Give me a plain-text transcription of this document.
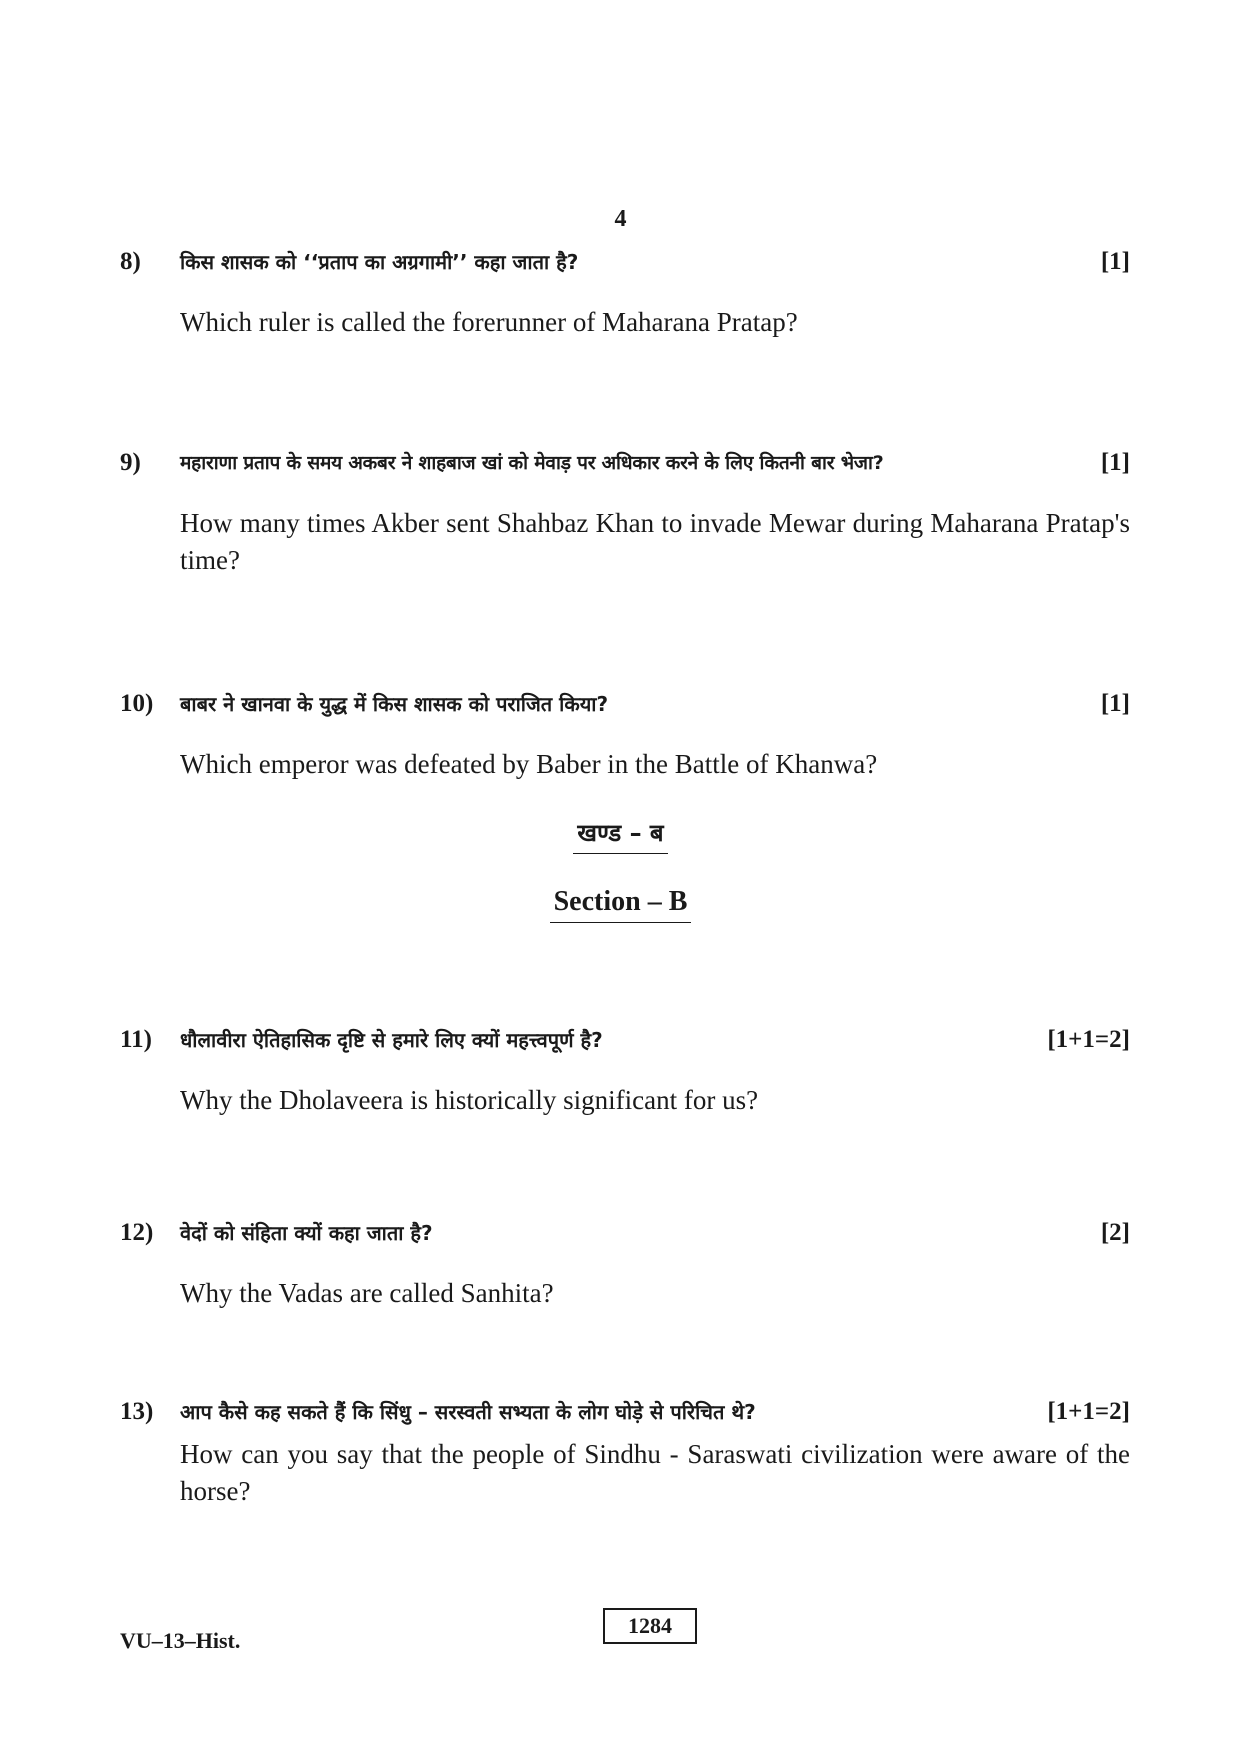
4
8) किस शासक को ‘‘प्रताप का अग्रगामी’’ कहा जाता है?	[1]
Which ruler is called the forerunner of Maharana Pratap?
9) महाराणा प्रताप के समय अकबर ने शाहबाज खां को मेवाड़ पर अधिकार करने के लिए कितनी बार भेजा?	[1]
How many times Akber sent Shahbaz Khan to invade Mewar during Maharana Pratap's time?
10) बाबर ने खानवा के युद्ध में किस शासक को पराजित किया?	[1]
Which emperor was defeated by Baber in the Battle of Khanwa?
खण्ड – ब
Section – B
11) धौलावीरा ऐतिहासिक दृष्टि से हमारे लिए क्यों महत्त्वपूर्ण है?	[1+1=2]
Why the Dholaveera is historically significant for us?
12) वेदों को संहिता क्यों कहा जाता है?	[2]
Why the Vadas are called Sanhita?
13) आप कैसे कह सकते हैं कि सिंधु – सरस्वती सभ्यता के लोग घोड़े से परिचित थे?	[1+1=2]
How can you say that the people of Sindhu - Saraswati civilization were aware of the horse?
VU–13–Hist.
1284
